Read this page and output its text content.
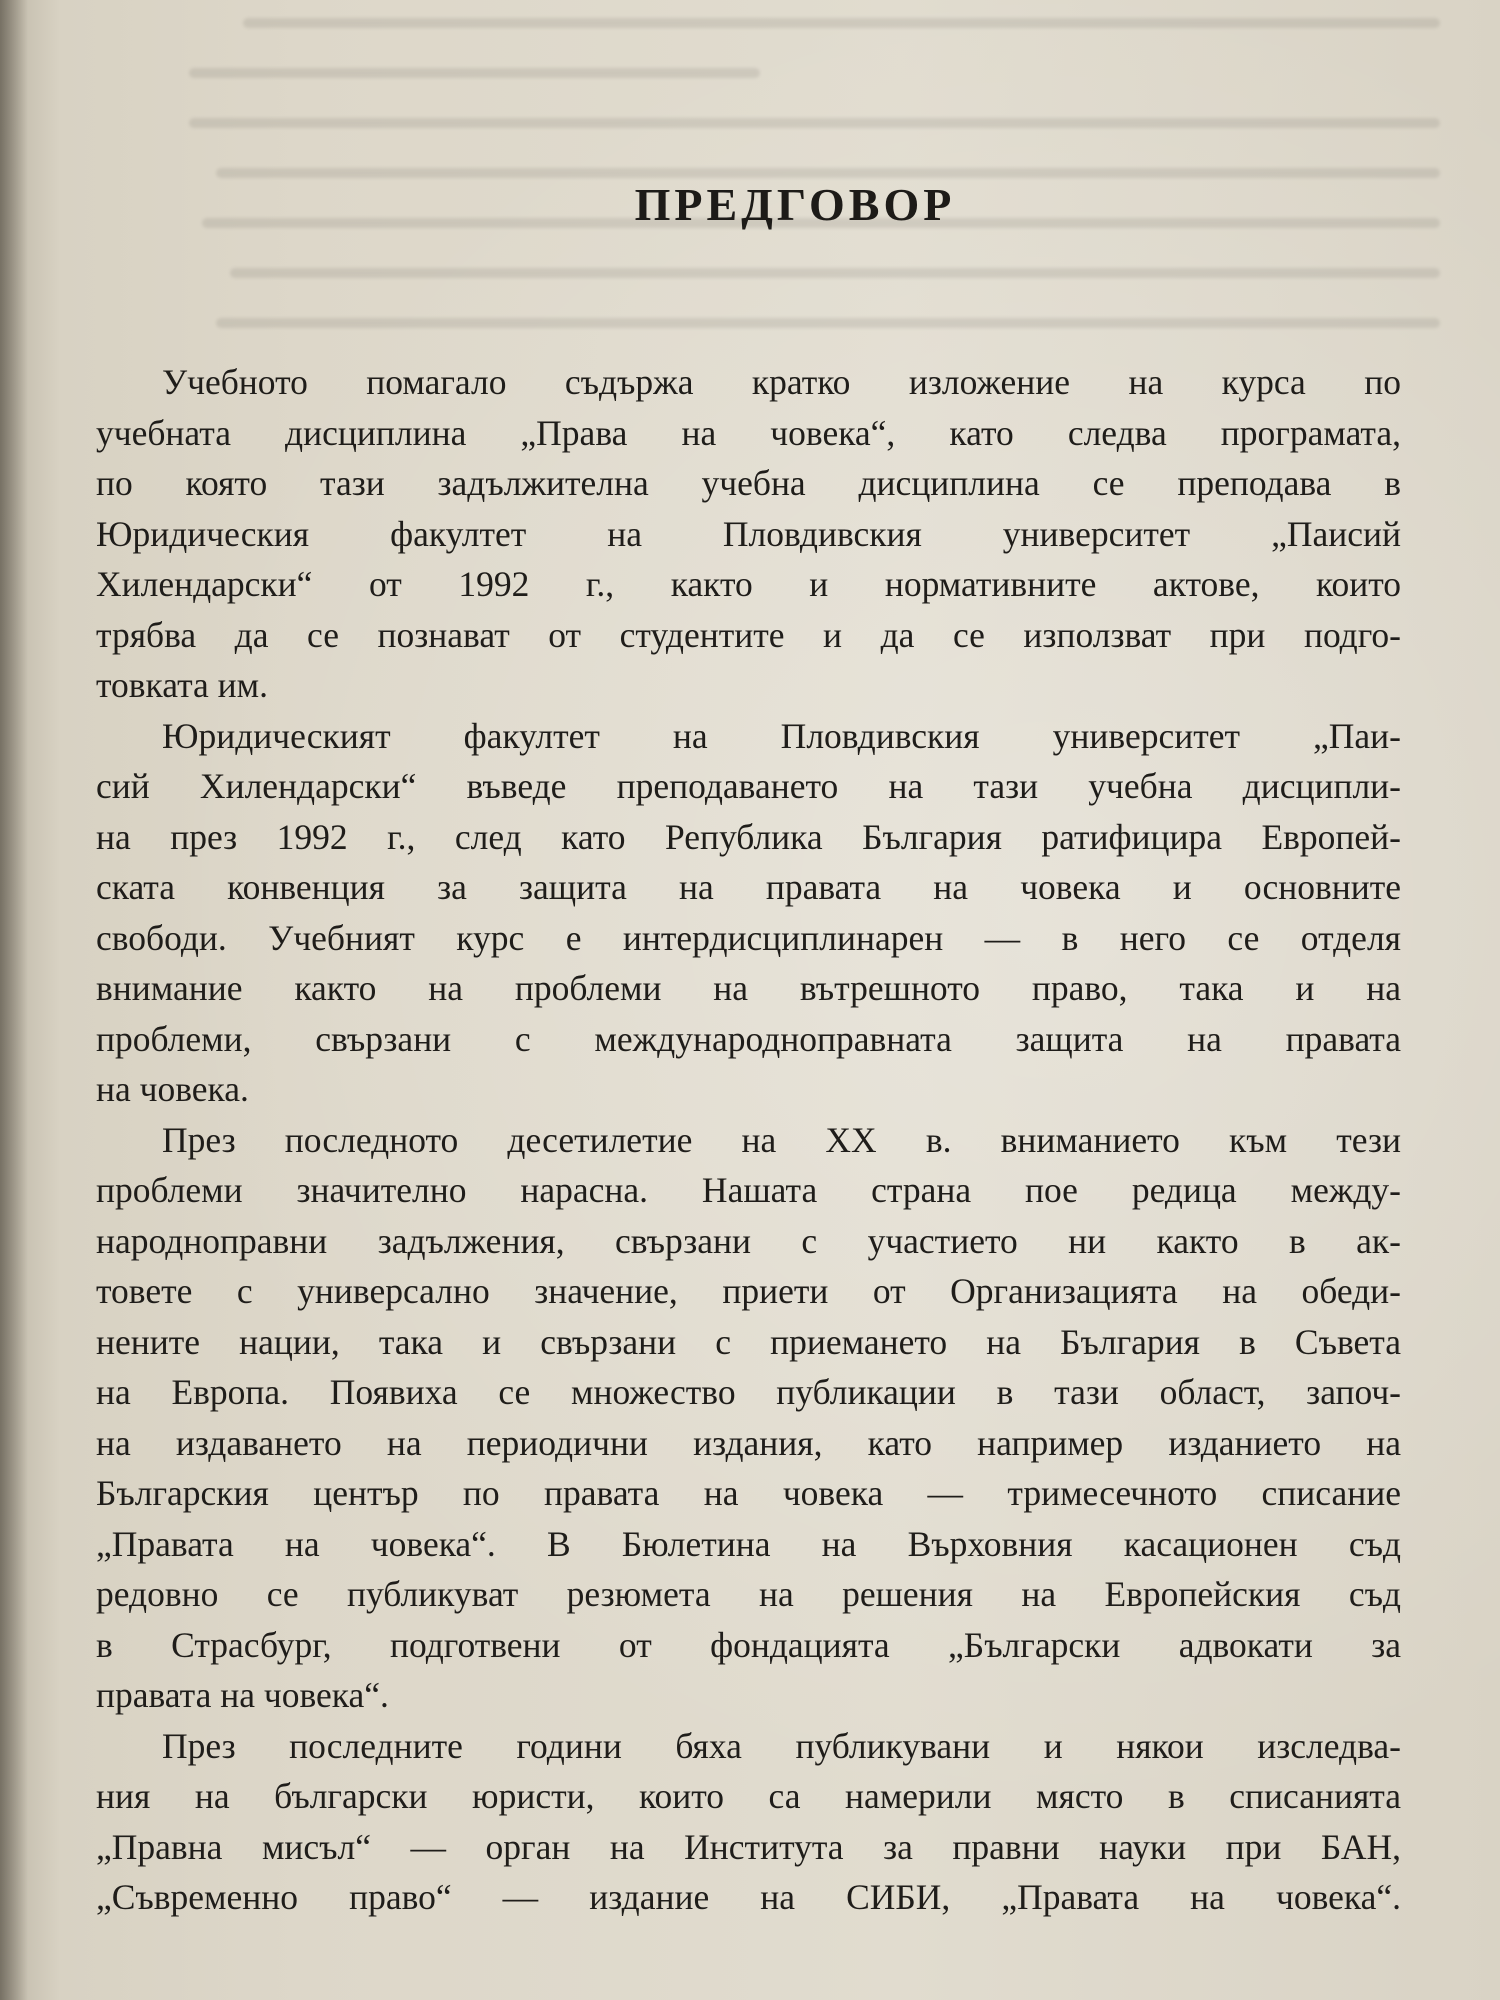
ПРЕДГОВОР

Учебното помагало съдържа кратко изложение на курса по
учебната дисциплина „Права на човека“, като следва програмата,
по която тази задължителна учебна дисциплина се преподава в
Юридическия факултет на Пловдивския университет „Паисий
Хилендарски“ от 1992 г., както и нормативните актове, които
трябва да се познават от студентите и да се използват при подго-
товката им.

Юридическият факултет на Пловдивския университет „Паи-
сий Хилендарски“ въведе преподаването на тази учебна дисципли-
на през 1992 г., след като Република България ратифицира Европей-
ската конвенция за защита на правата на човека и основните
свободи. Учебният курс е интердисциплинарен — в него се отделя
внимание както на проблеми на вътрешното право, така и на
проблеми, свързани с международноправната защита на правата
на човека.

През последното десетилетие на XX в. вниманието към тези
проблеми значително нарасна. Нашата страна пое редица между-
народноправни задължения, свързани с участието ни както в ак-
товете с универсално значение, приети от Организацията на обеди-
нените нации, така и свързани с приемането на България в Съвета
на Европа. Появиха се множество публикации в тази област, започ-
на издаването на периодични издания, като например изданието на
Българския център по правата на човека — тримесечното списание
„Правата на човека“. В Бюлетина на Върховния касационен съд
редовно се публикуват резюмета на решения на Европейския съд
в Страсбург, подготвени от фондацията „Български адвокати за
правата на човека“.

През последните години бяха публикувани и някои изследва-
ния на български юристи, които са намерили място в списанията
„Правна мисъл“ — орган на Института за правни науки при БАН,
„Съвременно право“ — издание на СИБИ, „Правата на човека“.
